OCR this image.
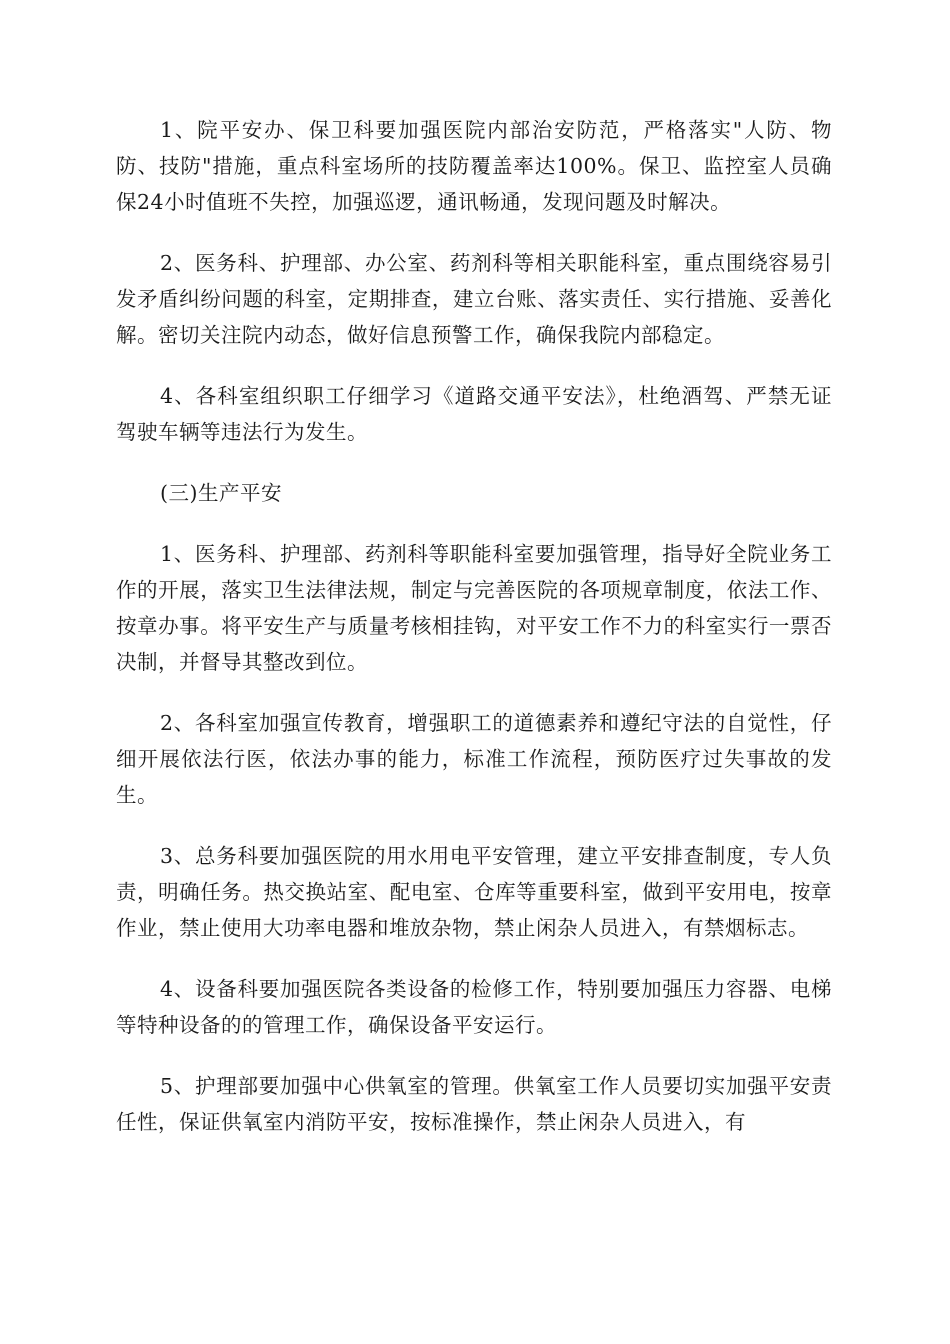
1、院平安办、保卫科要加强医院内部治安防范，严格落实"人防、物防、技防"措施，重点科室场所的技防覆盖率达100%。保卫、监控室人员确保24小时值班不失控，加强巡逻，通讯畅通，发现问题及时解决。

2、医务科、护理部、办公室、药剂科等相关职能科室，重点围绕容易引发矛盾纠纷问题的科室，定期排查，建立台账、落实责任、实行措施、妥善化解。密切关注院内动态，做好信息预警工作，确保我院内部稳定。

4、各科室组织职工仔细学习《道路交通平安法》，杜绝酒驾、严禁无证驾驶车辆等违法行为发生。

(三)生产平安

1、医务科、护理部、药剂科等职能科室要加强管理，指导好全院业务工作的开展，落实卫生法律法规，制定与完善医院的各项规章制度，依法工作、按章办事。将平安生产与质量考核相挂钩，对平安工作不力的科室实行一票否决制，并督导其整改到位。

2、各科室加强宣传教育，增强职工的道德素养和遵纪守法的自觉性，仔细开展依法行医，依法办事的能力，标准工作流程，预防医疗过失事故的发生。

3、总务科要加强医院的用水用电平安管理，建立平安排查制度，专人负责，明确任务。热交换站室、配电室、仓库等重要科室，做到平安用电，按章作业，禁止使用大功率电器和堆放杂物，禁止闲杂人员进入，有禁烟标志。

4、设备科要加强医院各类设备的检修工作，特别要加强压力容器、电梯等特种设备的的管理工作，确保设备平安运行。

5、护理部要加强中心供氧室的管理。供氧室工作人员要切实加强平安责任性，保证供氧室内消防平安，按标准操作，禁止闲杂人员进入，有
